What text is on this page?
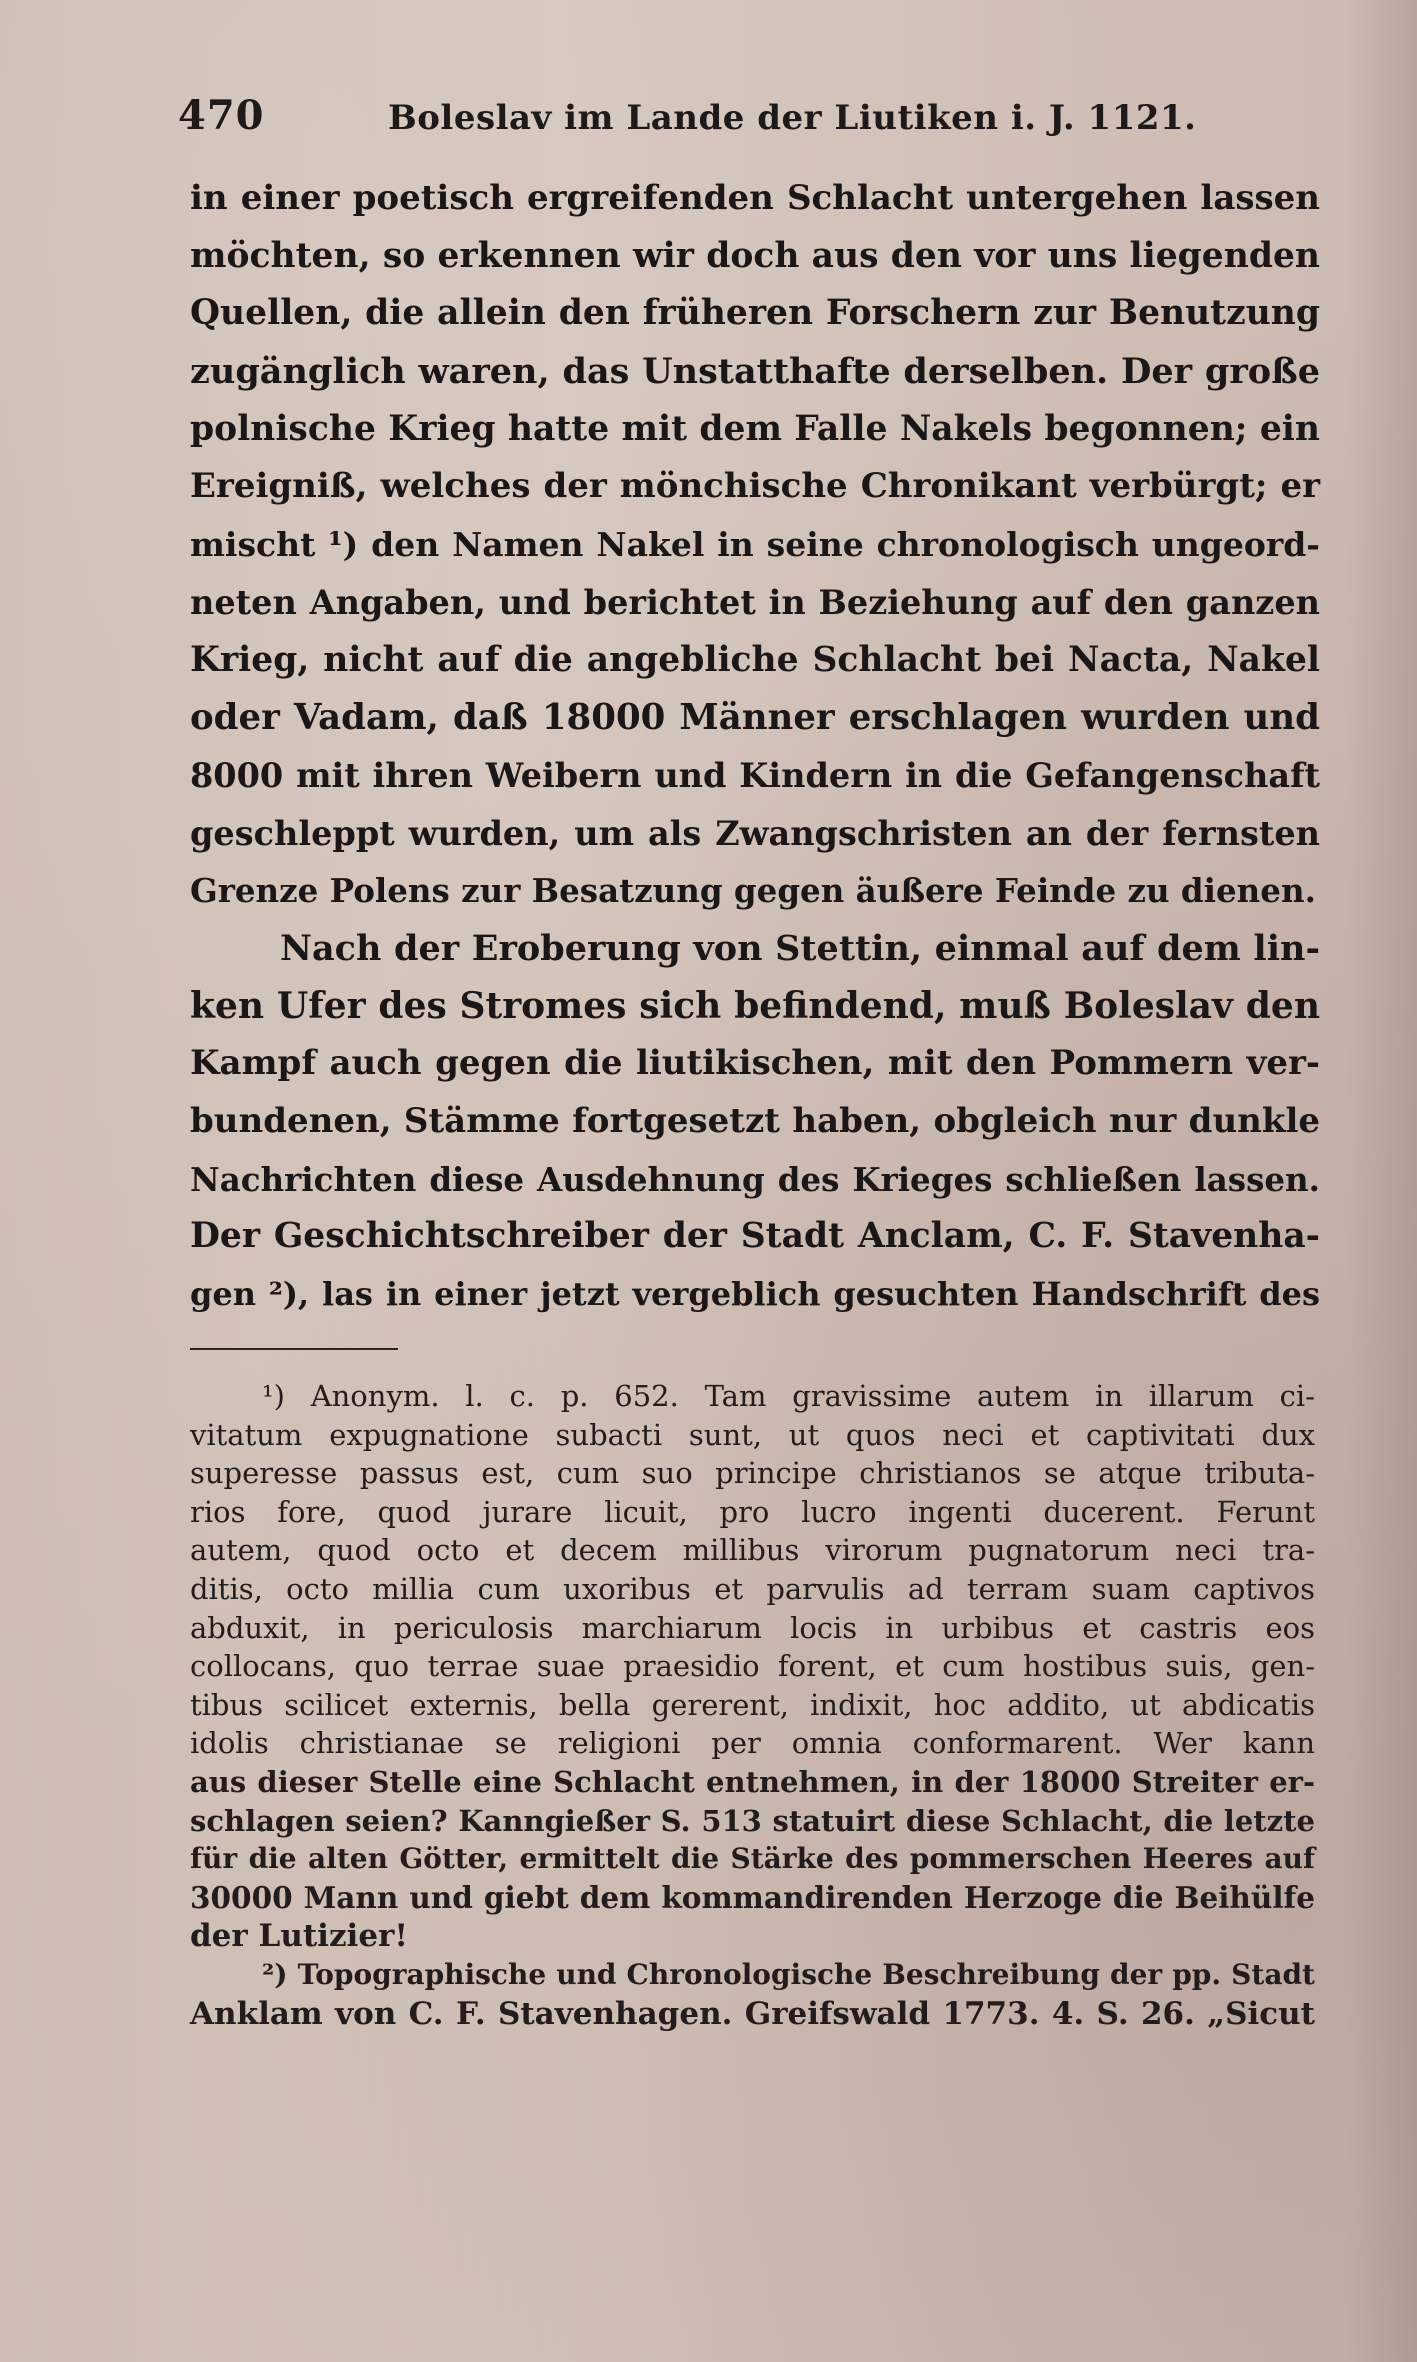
470	Boleslav im Lande der Liutiken i. J. 1121.
in einer poetisch ergreifenden Schlacht untergehen lassen
möchten, so erkennen wir doch aus den vor uns liegenden
Quellen, die allein den früheren Forschern zur Benutzung
zugänglich waren, das Unstatthafte derselben. Der große
polnische Krieg hatte mit dem Falle Nakels begonnen; ein
Ereigniß, welches der mönchische Chronikant verbürgt; er
mischt ¹) den Namen Nakel in seine chronologisch ungeord-
neten Angaben, und berichtet in Beziehung auf den ganzen
Krieg, nicht auf die angebliche Schlacht bei Nacta, Nakel
oder Vadam, daß 18000 Männer erschlagen wurden und
8000 mit ihren Weibern und Kindern in die Gefangenschaft
geschleppt wurden, um als Zwangschristen an der fernsten
Grenze Polens zur Besatzung gegen äußere Feinde zu dienen.
Nach der Eroberung von Stettin, einmal auf dem lin-
ken Ufer des Stromes sich befindend, muß Boleslav den
Kampf auch gegen die liutikischen, mit den Pommern ver-
bundenen, Stämme fortgesetzt haben, obgleich nur dunkle
Nachrichten diese Ausdehnung des Krieges schließen lassen.
Der Geschichtschreiber der Stadt Anclam, C. F. Stavenha-
gen ²), las in einer jetzt vergeblich gesuchten Handschrift des
¹) Anonym. l. c. p. 652. Tam gravissime autem in illarum ci-
vitatum expugnatione subacti sunt, ut quos neci et captivitati dux
superesse passus est, cum suo principe christianos se atque tributa-
rios fore, quod jurare licuit, pro lucro ingenti ducerent. Ferunt
autem, quod octo et decem millibus virorum pugnatorum neci tra-
ditis, octo millia cum uxoribus et parvulis ad terram suam captivos
abduxit, in periculosis marchiarum locis in urbibus et castris eos
collocans, quo terrae suae praesidio forent, et cum hostibus suis, gen-
tibus scilicet externis, bella gererent, indixit, hoc addito, ut abdicatis
idolis christianae se religioni per omnia conformarent. Wer kann
aus dieser Stelle eine Schlacht entnehmen, in der 18000 Streiter er-
schlagen seien? Kanngießer S. 513 statuirt diese Schlacht, die letzte
für die alten Götter, ermittelt die Stärke des pommerschen Heeres auf
30000 Mann und giebt dem kommandirenden Herzoge die Beihülfe
der Lutizier!
²) Topographische und Chronologische Beschreibung der pp. Stadt
Anklam von C. F. Stavenhagen. Greifswald 1773. 4. S. 26. „Sicut
